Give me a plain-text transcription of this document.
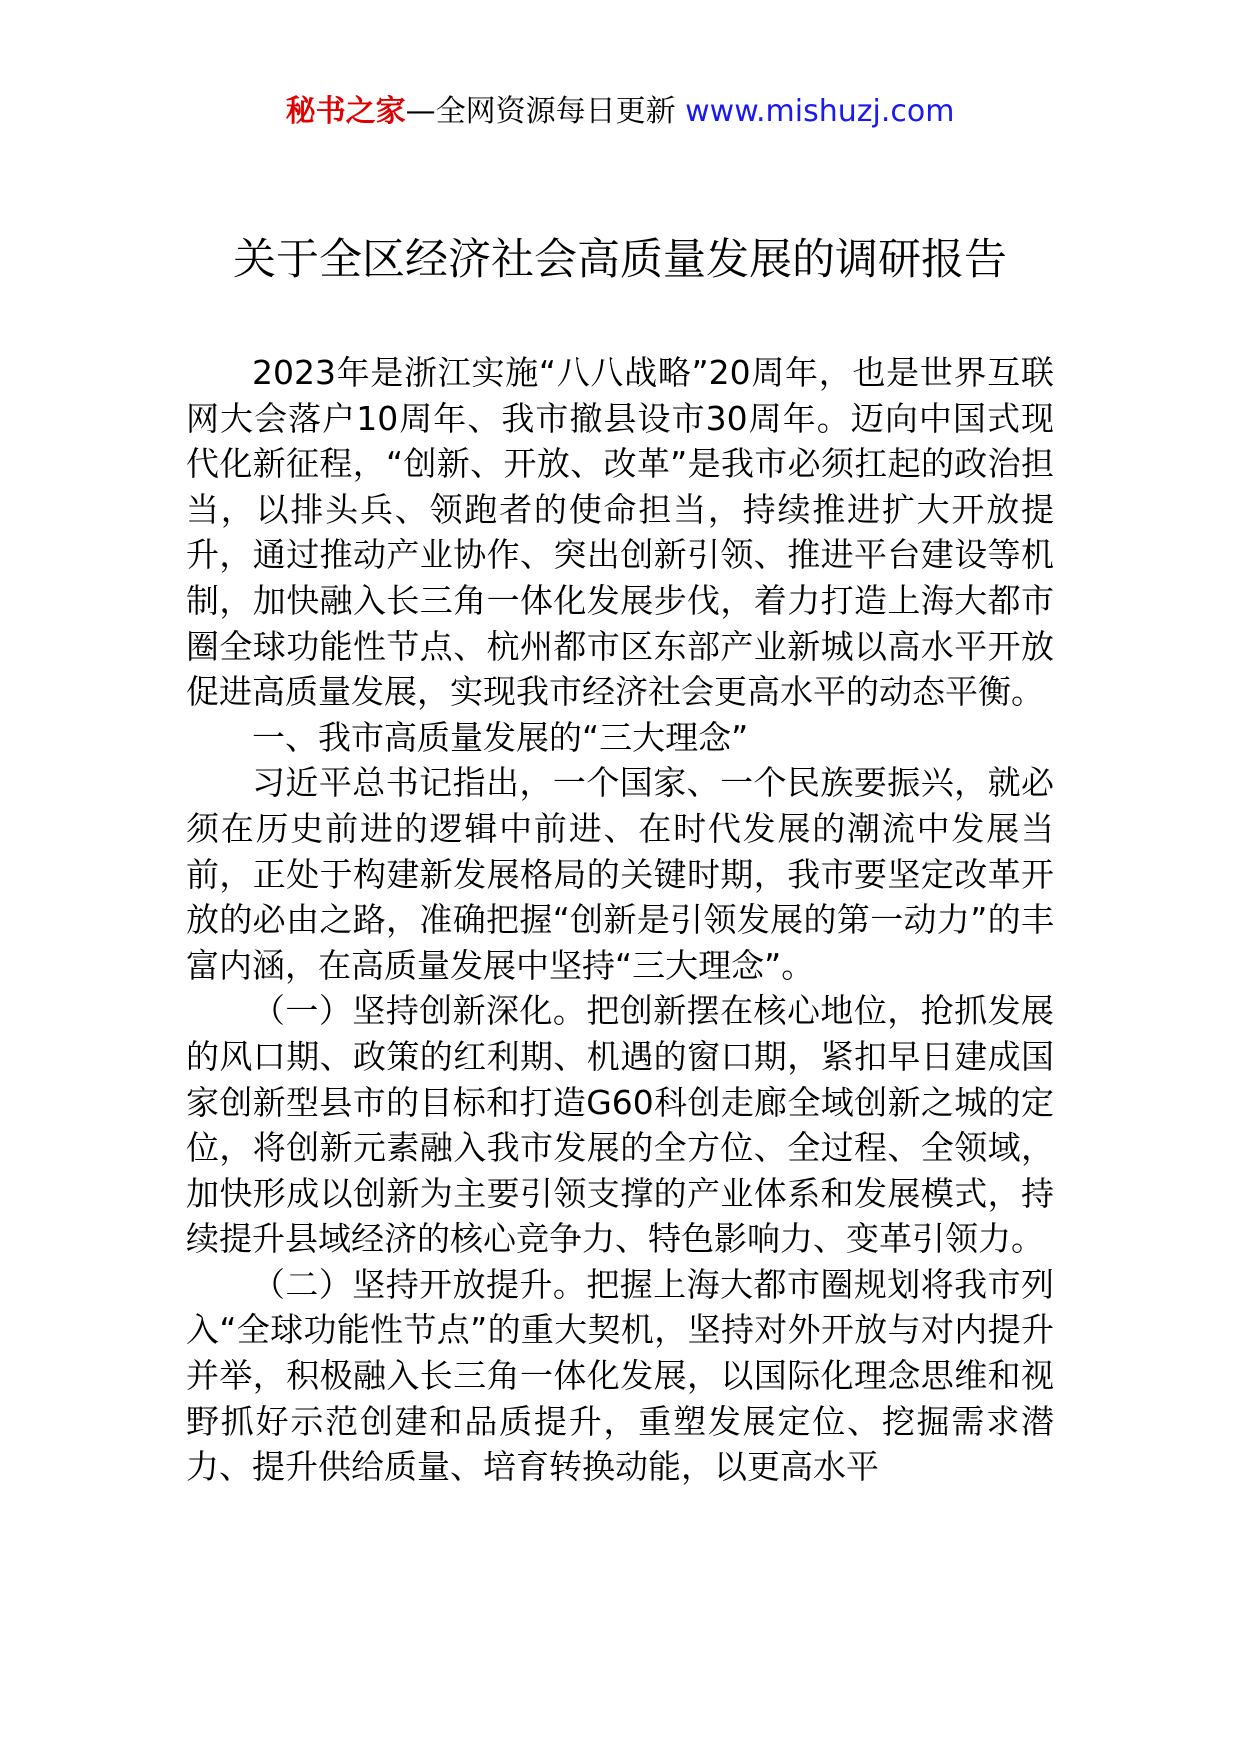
秘书之家—全网资源每日更新 www.mishuzj.com
关于全区经济社会高质量发展的调研报告

2023年是浙江实施“八八战略”20周年，也是世界互联网大会落户10周年、我市撤县设市30周年。迈向中国式现代化新征程，“创新、开放、改革”是我市必须扛起的政治担当，以排头兵、领跑者的使命担当，持续推进扩大开放提升，通过推动产业协作、突出创新引领、推进平台建设等机制，加快融入长三角一体化发展步伐，着力打造上海大都市圈全球功能性节点、杭州都市区东部产业新城以高水平开放促进高质量发展，实现我市经济社会更高水平的动态平衡。

一、我市高质量发展的“三大理念”

习近平总书记指出，一个国家、一个民族要振兴，就必须在历史前进的逻辑中前进、在时代发展的潮流中发展当前，正处于构建新发展格局的关键时期，我市要坚定改革开放的必由之路，准确把握“创新是引领发展的第一动力”的丰富内涵，在高质量发展中坚持“三大理念”。

（一）坚持创新深化。把创新摆在核心地位，抢抓发展的风口期、政策的红利期、机遇的窗口期，紧扣早日建成国家创新型县市的目标和打造G60科创走廊全域创新之城的定位，将创新元素融入我市发展的全方位、全过程、全领域，加快形成以创新为主要引领支撑的产业体系和发展模式，持续提升县域经济的核心竞争力、特色影响力、变革引领力。

（二）坚持开放提升。把握上海大都市圈规划将我市列入“全球功能性节点”的重大契机，坚持对外开放与对内提升并举，积极融入长三角一体化发展，以国际化理念思维和视野抓好示范创建和品质提升，重塑发展定位、挖掘需求潜力、提升供给质量、培育转换动能，以更高水平
